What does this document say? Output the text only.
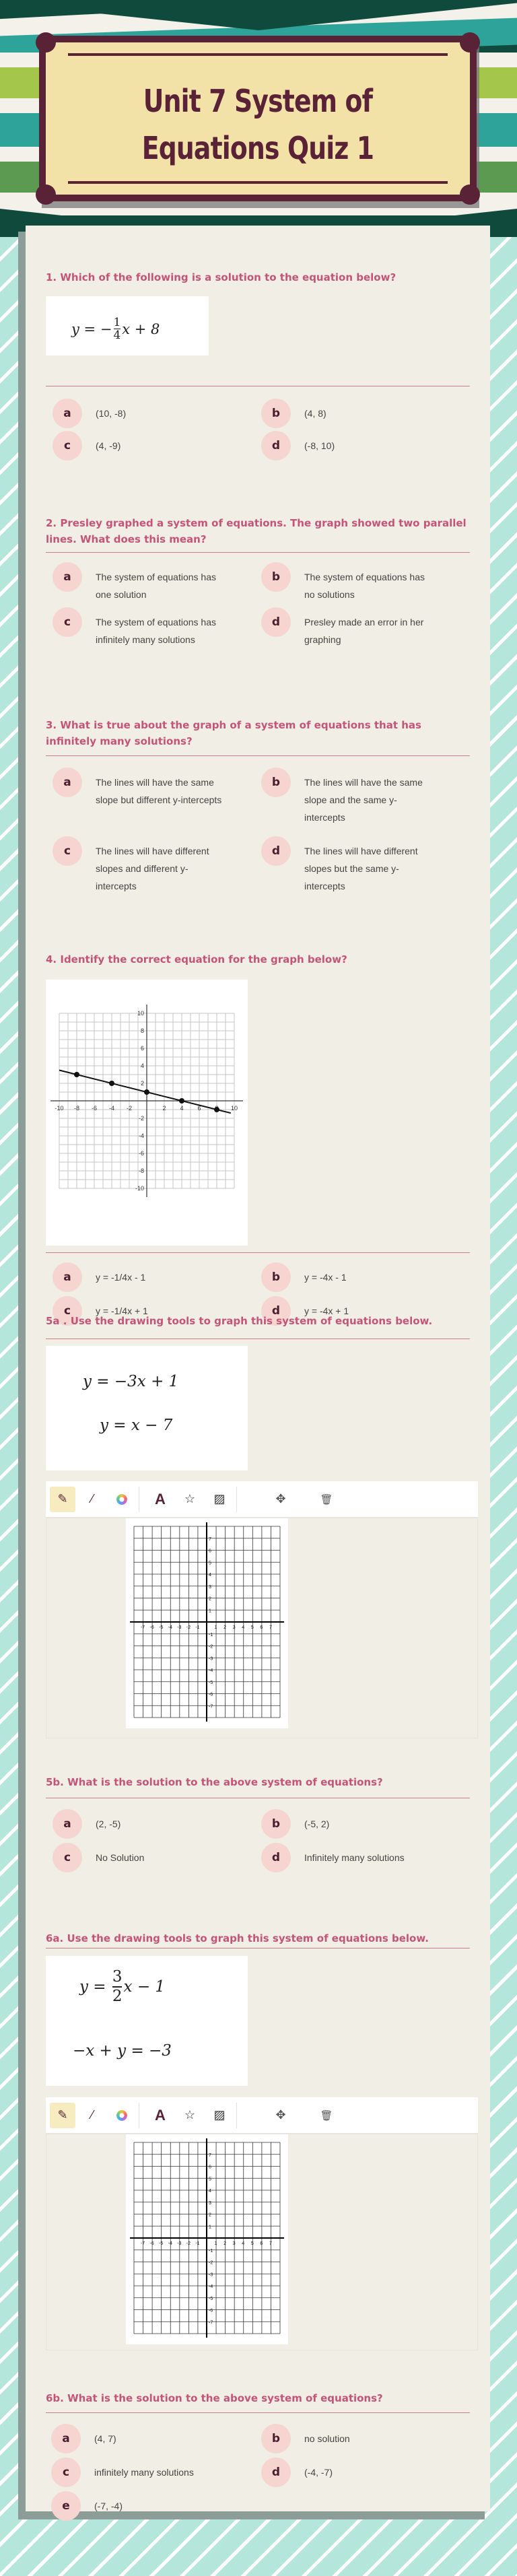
Unit 7 System of
Equations Quiz 1
1. Which of the following is a solution to the equation below?
y =
− 1
4 x + 8
a	(10, -8)	b	(4, 8)
c	(4, -9)	d	(-8, 10)
2. Presley graphed a system of equations. The graph showed two parallel lines. What does this mean?
a	The system of equations has one solution
b	The system of equations has no solutions
c	The system of equations has infinitely many solutions
d	Presley made an error in her graphing
3. What is true about the graph of a system of equations that has infinitely many solutions?
a	The lines will have the same slope but different y-intercepts
b	The lines will have the same slope and the same y-intercepts
c	The lines will have different slopes and different y-intercepts
d	The lines will have different slopes but the same y-intercepts
4. Identify the correct equation for the graph below?
-10 -8 -6 -4 -2	2 4 6	10
10
8
6
4
2
-2
-4
-6
-8
-10
a	y = -1/4x - 1	b	y = -4x - 1
c	y = -1/4x + 1	d	y = -4x + 1
5a . Use the drawing tools to graph this system of equations below.
y = −3x + 1
y = x − 7
✎	⁄	A	☆	▨	✥	🗑
-7
-7
-6
-6
-5
-5
-4
-4
-3
-3
-2
-2
-1
-1
1
1
2
2
3
3
4
4
5
5
6
6
7
7
5b. What is the solution to the above system of equations?
a	(2, -5)	b	(-5, 2)
c	No Solution	d	Infinitely many solutions
6a. Use the drawing tools to graph this system of equations below.
y =

3
2
x − 1
−x + y = −3
✎	⁄	A	☆	▨	✥	🗑
-7
-7
-6
-6
-5
-5
-4
-4
-3
-3
-2
-2
-1
-1
1
1
2
2
3
3
4
4
5
5
6
6
7
7
6b. What is the solution to the above system of equations?
a	(4, 7)	b	no solution
c	infinitely many solutions	d	(-4, -7)
e	(-7, -4)
